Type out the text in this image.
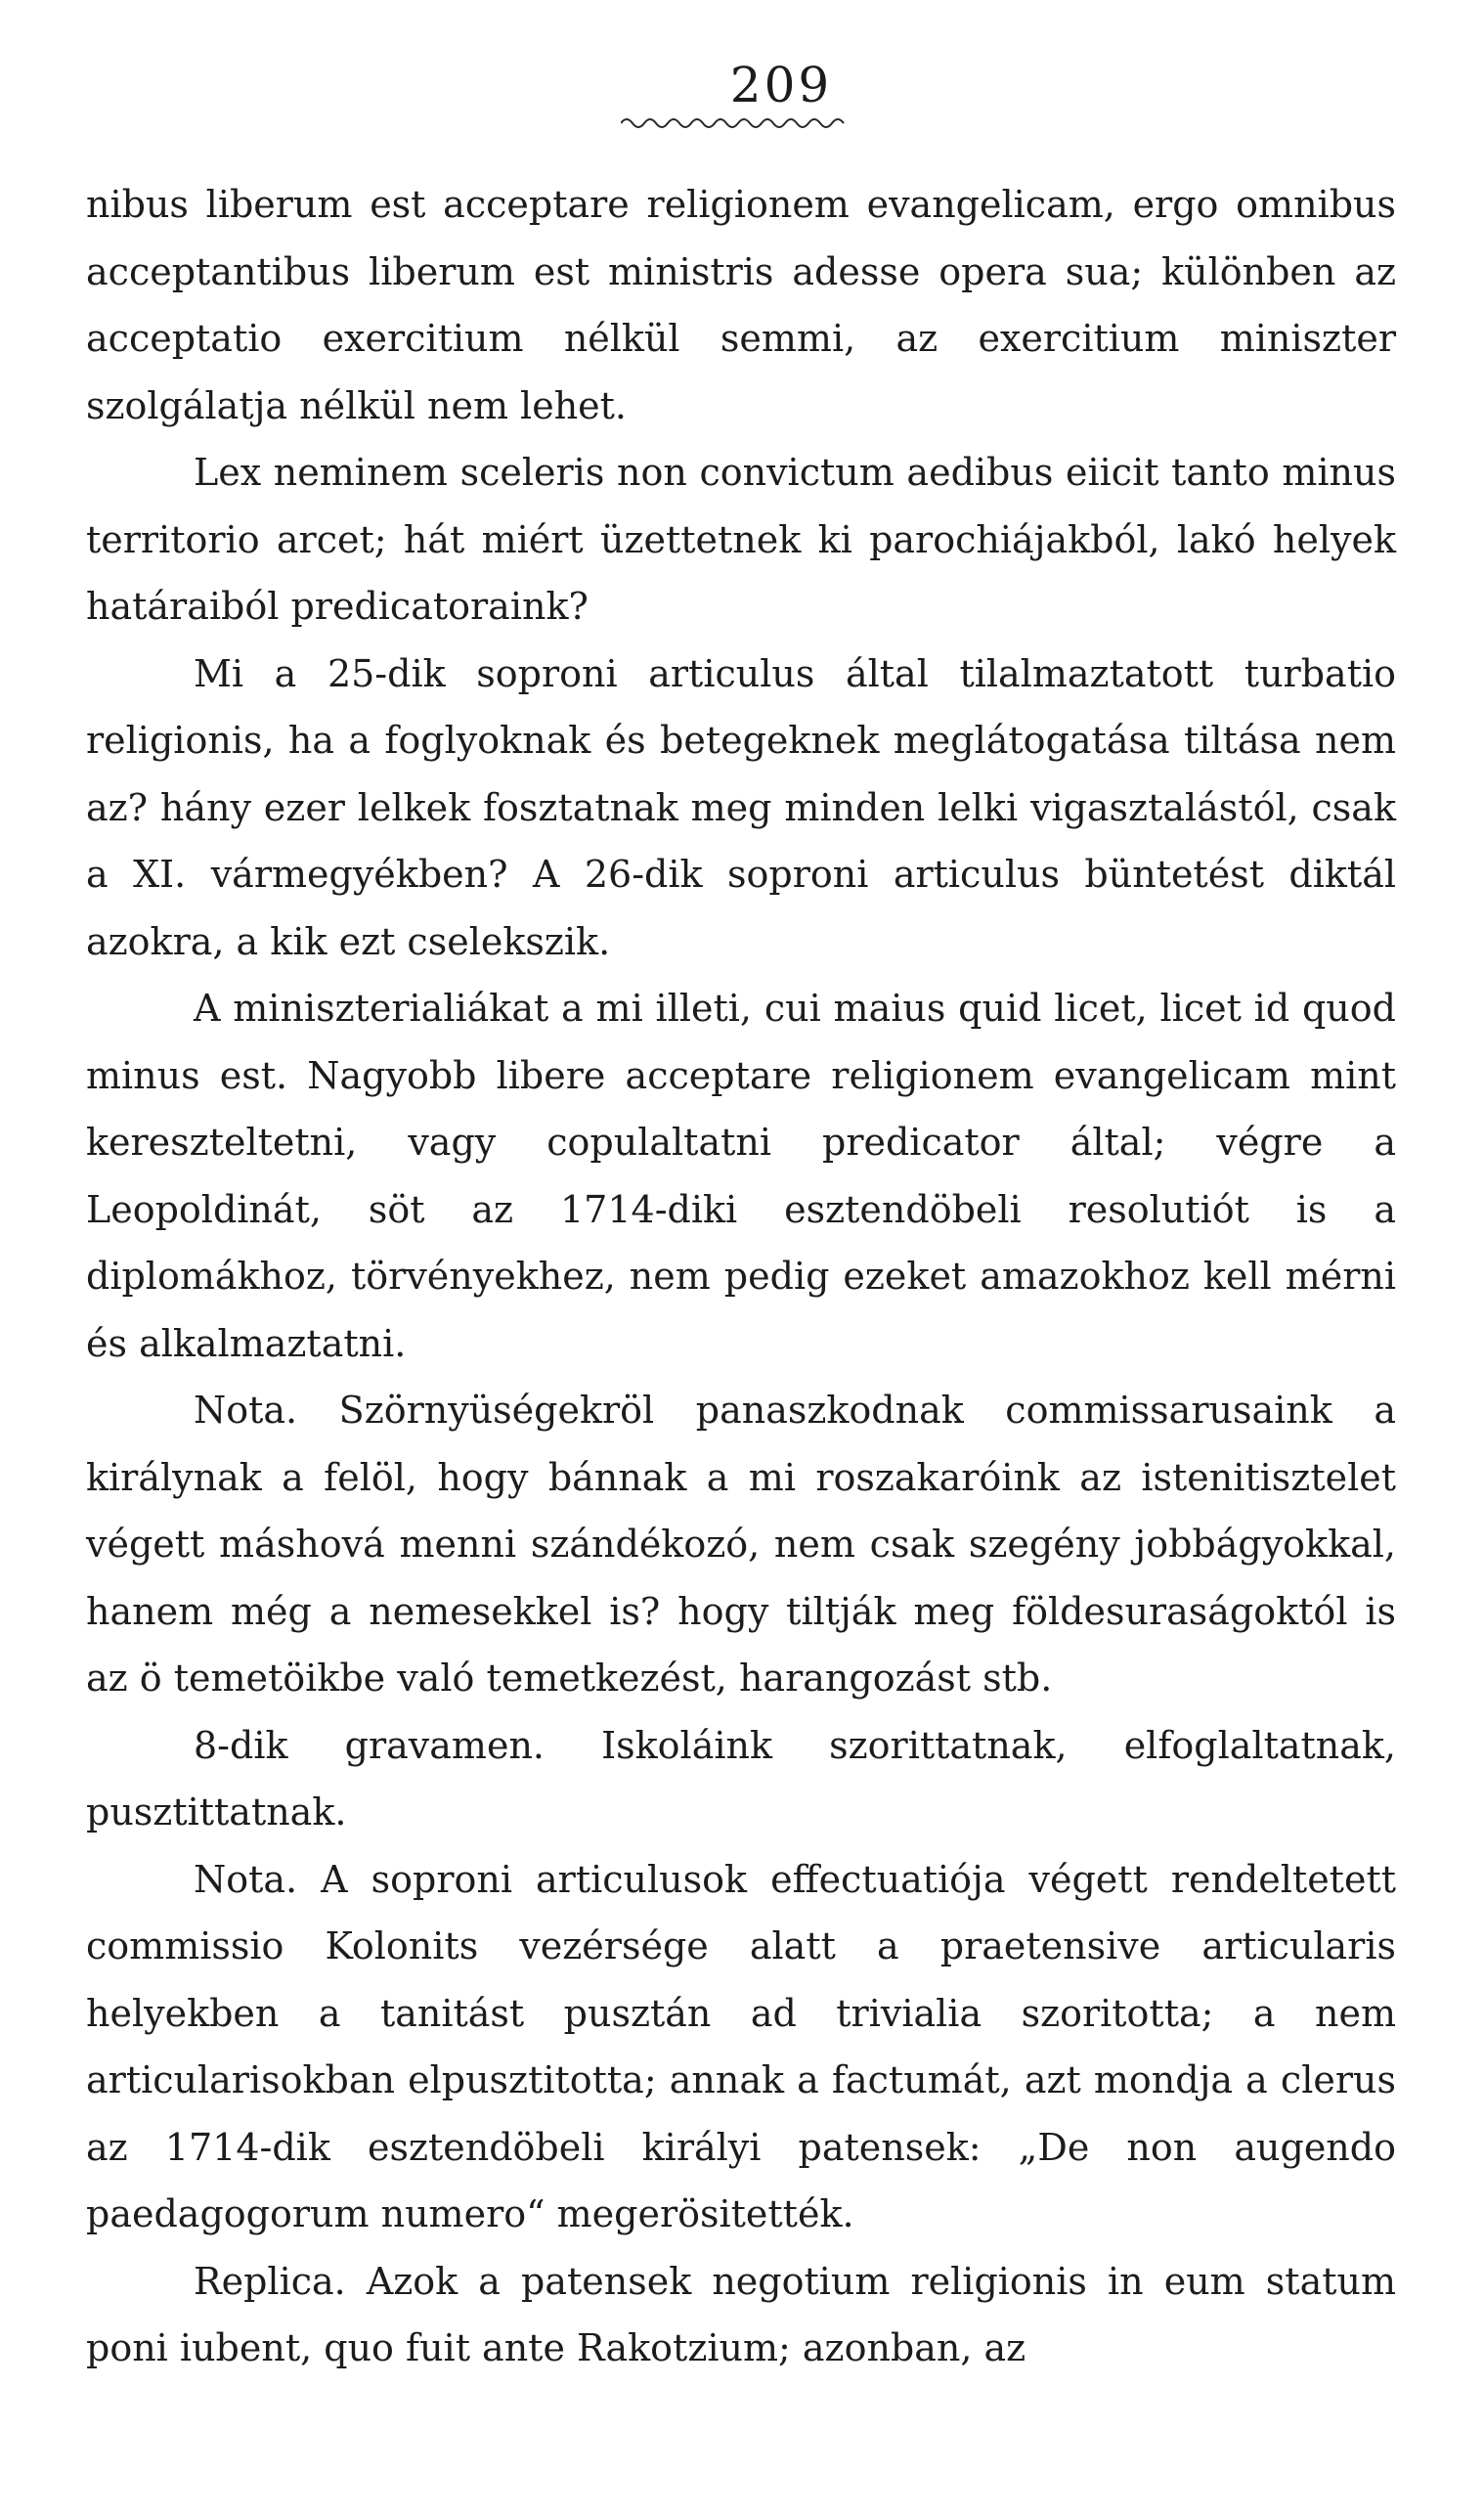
209

nibus liberum est acceptare religionem evangelicam, ergo omnibus acceptantibus liberum est ministris adesse opera sua; különben az acceptatio exercitium nélkül semmi, az exercitium miniszter szolgálatja nélkül nem lehet.

Lex neminem sceleris non convictum aedibus eiicit tanto minus territorio arcet; hát miért üzettetnek ki parochiájakból, lakó helyek határaiból predicatoraink?

Mi a 25-dik soproni articulus által tilalmaztatott turbatio religionis, ha a foglyoknak és betegeknek meglátogatása tiltása nem az? hány ezer lelkek fosztatnak meg minden lelki vigasztalástól, csak a XI. vármegyékben? A 26-dik soproni articulus büntetést diktál azokra, a kik ezt cselekszik.

A miniszterialiákat a mi illeti, cui maius quid licet, licet id quod minus est. Nagyobb libere acceptare religionem evangelicam mint kereszteltetni, vagy copulaltatni predicator által; végre a Leopoldinát, söt az 1714-diki esztendöbeli resolutiót is a diplomákhoz, törvényekhez, nem pedig ezeket amazokhoz kell mérni és alkalmaztatni.

Nota. Szörnyüségekröl panaszkodnak commissarusaink a királynak a felöl, hogy bánnak a mi roszakaróink az istenitisztelet végett máshová menni szándékozó, nem csak szegény jobbágyokkal, hanem még a nemesekkel is? hogy tiltják meg földesuraságoktól is az ö temetöikbe való temetkezést, harangozást stb.

8-dik gravamen. Iskoláink szorittatnak, elfoglaltatnak, pusztittatnak.

Nota. A soproni articulusok effectuatiója végett rendeltetett commissio Kolonits vezérsége alatt a praetensive articularis helyekben a tanitást pusztán ad trivialia szoritotta; a nem articularisokban elpusztitotta; annak a factumát, azt mondja a clerus az 1714-dik esztendöbeli királyi patensek: „De non augendo paedagogorum numero“ megerösitették.

Replica. Azok a patensek negotium religionis in eum statum poni iubent, quo fuit ante Rakotzium; azonban, az
